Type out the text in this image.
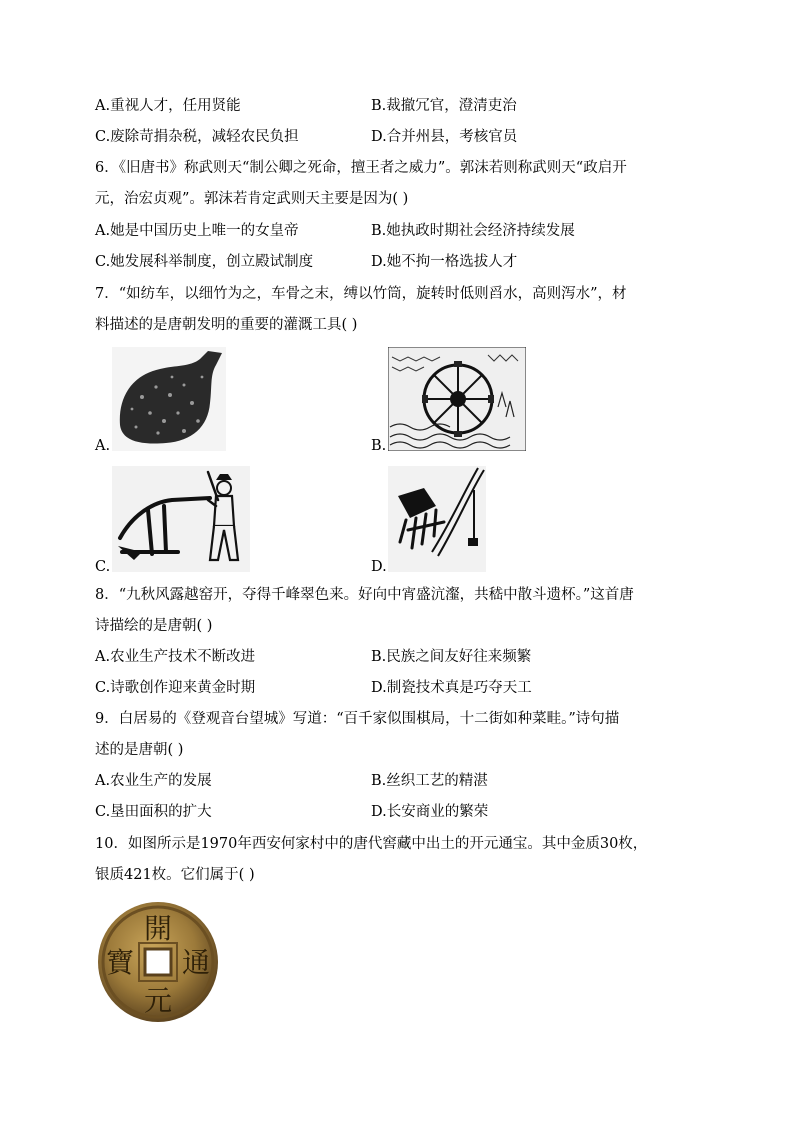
A.重视人才，任用贤能	B.裁撤冗官，澄清吏治
C.废除苛捐杂税，减轻农民负担	D.合并州县，考核官员
6．《旧唐书》称武则天“制公卿之死命，擅王者之威力”。郭沫若则称武则天“政启开
元，治宏贞观”。郭沫若肯定武则天主要是因为( )
A.她是中国历史上唯一的女皇帝	B.她执政时期社会经济持续发展
C.她发展科举制度，创立殿试制度	D.她不拘一格选拔人才
7．“如纺车，以细竹为之，车骨之末，缚以竹筒，旋转时低则舀水，高则泻水”，材
料描述的是唐朝发明的重要的灌溉工具( )
A.	B.
C.	D.
8．“九秋风露越窑开，夺得千峰翠色来。好向中宵盛沆瀣，共嵇中散斗遗杯。”这首唐
诗描绘的是唐朝( )
A.农业生产技术不断改进	B.民族之间友好往来频繁
C.诗歌创作迎来黄金时期	D.制瓷技术真是巧夺天工
9．白居易的《登观音台望城》写道：“百千家似围棋局，十二街如种菜畦。”诗句描
述的是唐朝( )
A.农业生产的发展	B.丝织工艺的精湛
C.垦田面积的扩大	D.长安商业的繁荣
10．如图所示是1970年西安何家村中的唐代窖藏中出土的开元通宝。其中金质30枚，
银质421枚。它们属于( )
開
元
通
寶
